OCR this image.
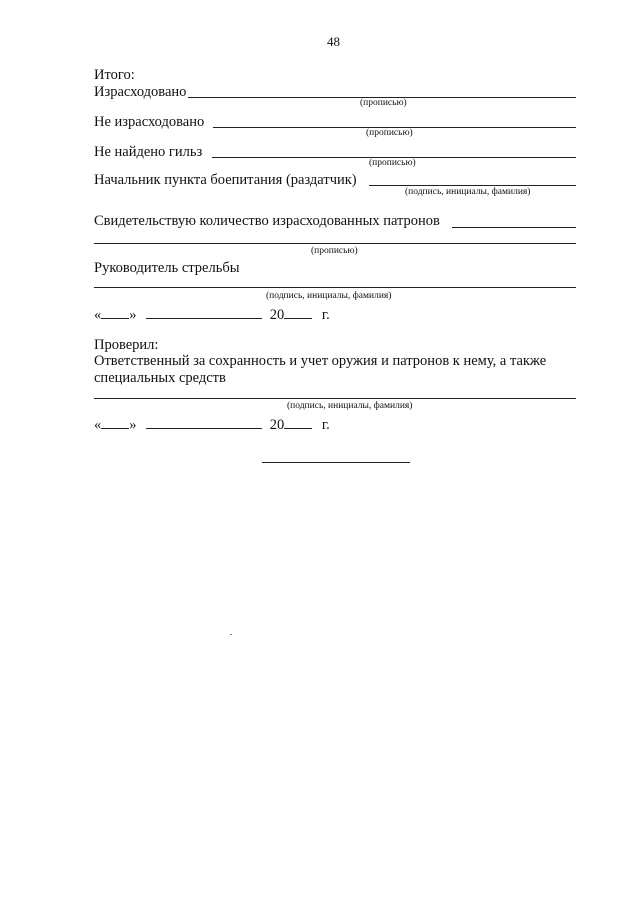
48
Итого:
Израсходовано
(прописью)
Не израсходовано
(прописью)
Не найдено гильз
(прописью)
Начальник пункта боепитания (раздатчик)
(подпись, инициалы, фамилия)
Свидетельствую количество израсходованных патронов
(прописью)
Руководитель стрельбы
(подпись, инициалы, фамилия)
« »	20	г.
Проверил:
Ответственный за сохранность и учет оружия и патронов к нему, а также
специальных средств
(подпись, инициалы, фамилия)
« »	20	г.
